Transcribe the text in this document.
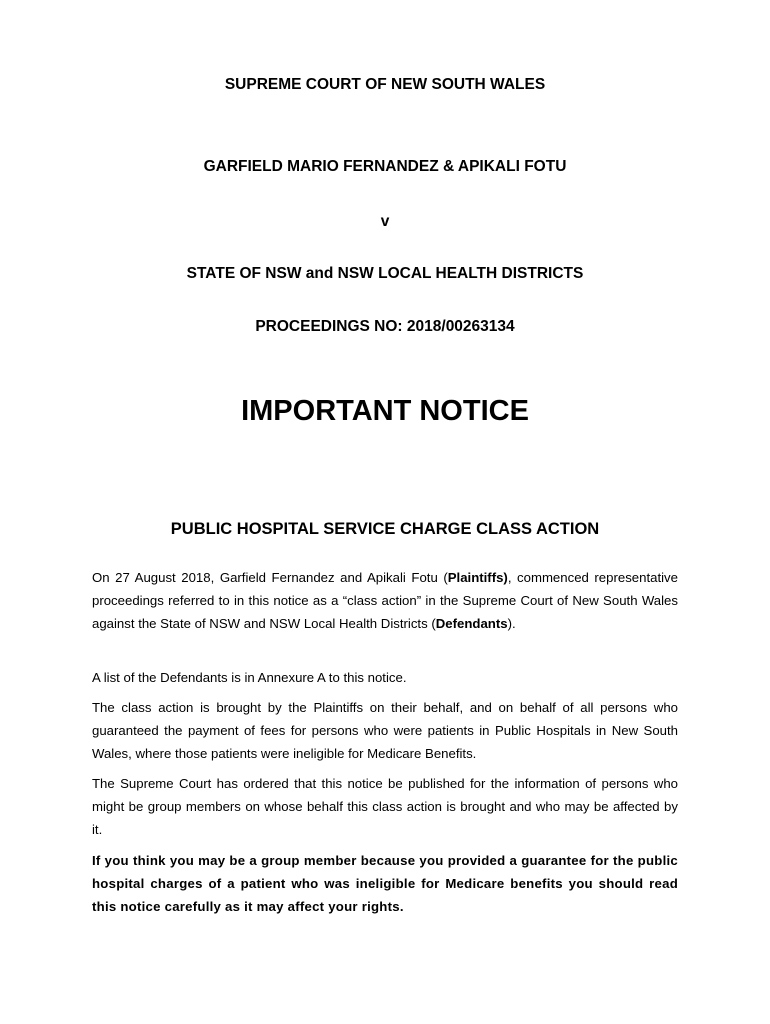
SUPREME COURT OF NEW SOUTH WALES

GARFIELD MARIO FERNANDEZ & APIKALI FOTU

v

STATE OF NSW and NSW LOCAL HEALTH DISTRICTS

PROCEEDINGS NO: 2018/00263134

IMPORTANT NOTICE

PUBLIC HOSPITAL SERVICE CHARGE CLASS ACTION

On 27 August 2018, Garfield Fernandez and Apikali Fotu (Plaintiffs), commenced representative proceedings referred to in this notice as a “class action” in the Supreme Court of New South Wales against the State of NSW and NSW Local Health Districts (Defendants).

A list of the Defendants is in Annexure A to this notice.

The class action is brought by the Plaintiffs on their behalf, and on behalf of all persons who guaranteed the payment of fees for persons who were patients in Public Hospitals in New South Wales, where those patients were ineligible for Medicare Benefits.

The Supreme Court has ordered that this notice be published for the information of persons who might be group members on whose behalf this class action is brought and who may be affected by it.

If you think you may be a group member because you provided a guarantee for the public hospital charges of a patient who was ineligible for Medicare benefits you should read this notice carefully as it may affect your rights.
